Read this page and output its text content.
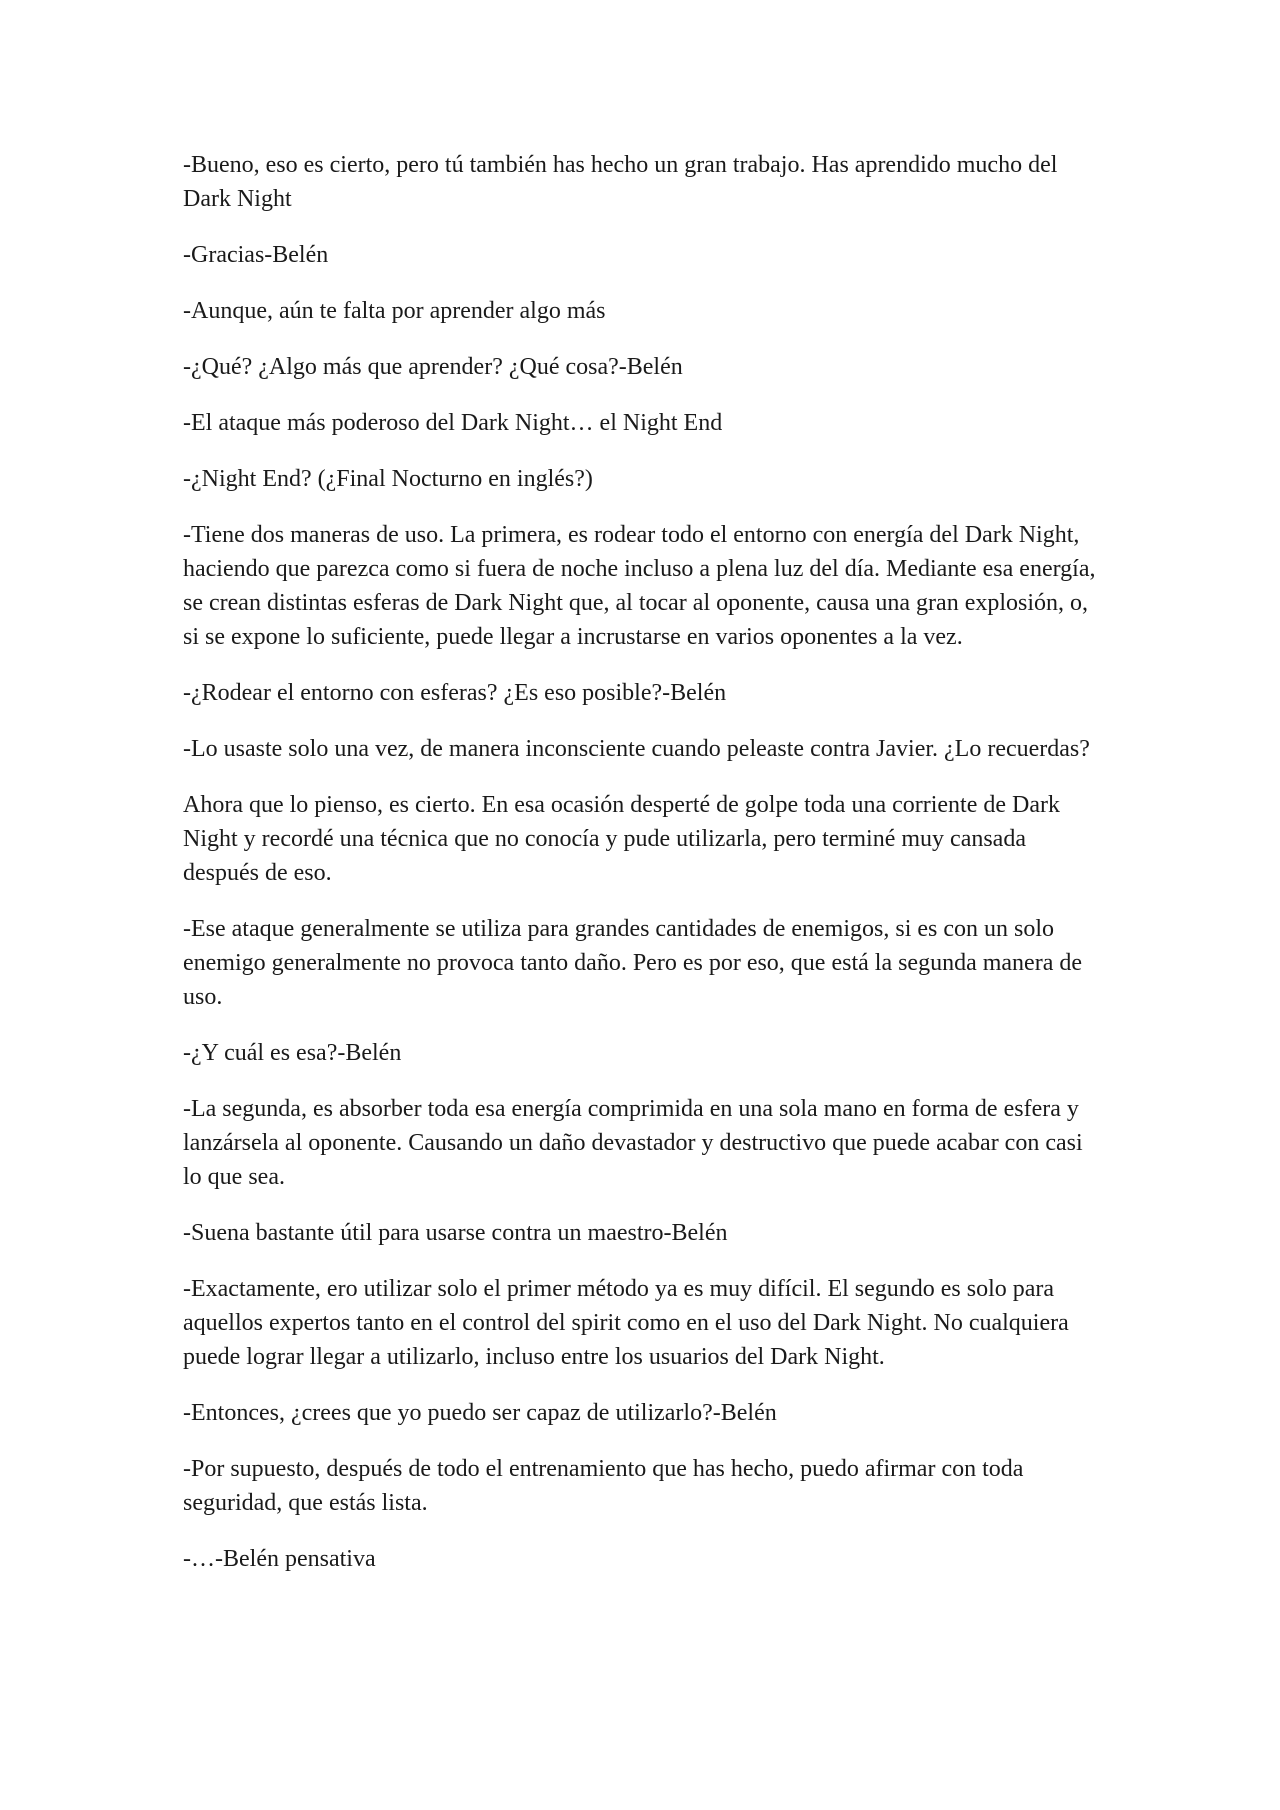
-Bueno, eso es cierto, pero tú también has hecho un gran trabajo. Has aprendido mucho del Dark Night

-Gracias-Belén

-Aunque, aún te falta por aprender algo más

-¿Qué? ¿Algo más que aprender? ¿Qué cosa?-Belén

-El ataque más poderoso del Dark Night… el Night End

-¿Night End? (¿Final Nocturno en inglés?)

-Tiene dos maneras de uso. La primera, es rodear todo el entorno con energía del Dark Night, haciendo que parezca como si fuera de noche incluso a plena luz del día. Mediante esa energía, se crean distintas esferas de Dark Night que, al tocar al oponente, causa una gran explosión, o, si se expone lo suficiente, puede llegar a incrustarse en varios oponentes a la vez.

-¿Rodear el entorno con esferas? ¿Es eso posible?-Belén

-Lo usaste solo una vez, de manera inconsciente cuando peleaste contra Javier. ¿Lo recuerdas?

Ahora que lo pienso, es cierto. En esa ocasión desperté de golpe toda una corriente de Dark Night y recordé una técnica que no conocía y pude utilizarla, pero terminé muy cansada después de eso.

-Ese ataque generalmente se utiliza para grandes cantidades de enemigos, si es con un solo enemigo generalmente no provoca tanto daño. Pero es por eso, que está la segunda manera de uso.

-¿Y cuál es esa?-Belén

-La segunda, es absorber toda esa energía comprimida en una sola mano en forma de esfera y lanzársela al oponente. Causando un daño devastador y destructivo que puede acabar con casi lo que sea.

-Suena bastante útil para usarse contra un maestro-Belén

-Exactamente, ero utilizar solo el primer método ya es muy difícil. El segundo es solo para aquellos expertos tanto en el control del spirit como en el uso del Dark Night. No cualquiera puede lograr llegar a utilizarlo, incluso entre los usuarios del Dark Night.

-Entonces, ¿crees que yo puedo ser capaz de utilizarlo?-Belén

-Por supuesto, después de todo el entrenamiento que has hecho, puedo afirmar con toda seguridad, que estás lista.

-…-Belén pensativa
